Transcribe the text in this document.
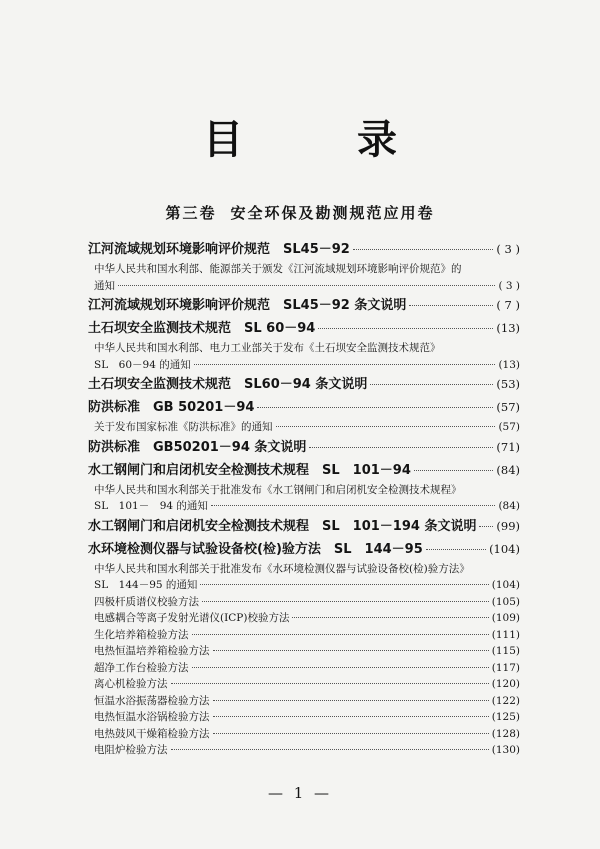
目 录
第三卷 安全环保及勘测规范应用卷
江河流域规划环境影响评价规范　SL45－92	( 3 )
中华人民共和国水利部、能源部关于颁发《江河流域规划环境影响评价规范》的
通知	( 3 )
江河流域规划环境影响评价规范　SL45－92 条文说明	( 7 )
土石坝安全监测技术规范　SL 60－94	(13)
中华人民共和国水利部、电力工业部关于发布《土石坝安全监测技术规范》
SL　60－94 的通知	(13)
土石坝安全监测技术规范　SL60－94 条文说明	(53)
防洪标准　GB 50201－94	(57)
关于发布国家标准《防洪标准》的通知	(57)
防洪标准　GB50201－94 条文说明	(71)
水工钢闸门和启闭机安全检测技术规程　SL　101－94	(84)
中华人民共和国水利部关于批准发布《水工钢闸门和启闭机安全检测技术规程》
SL　101－　94 的通知	(84)
水工钢闸门和启闭机安全检测技术规程　SL　101－194 条文说明 (99)
水环境检测仪器与试验设备校(检)验方法　SL　144－95	(104)
中华人民共和国水利部关于批准发布《水环境检测仪器与试验设备校(检)验方法》
SL　144－95 的通知	(104)
四极杆质谱仪校验方法	(105)
电感耦合等离子发射光谱仪(ICP)校验方法	(109)
生化培养箱检验方法	(111)
电热恒温培养箱检验方法	(115)
超净工作台检验方法	(117)
离心机检验方法	(120)
恒温水浴振荡器检验方法	(122)
电热恒温水浴锅检验方法	(125)
电热鼓风干燥箱检验方法	(128)
电阻炉检验方法	(130)
— 1 —
